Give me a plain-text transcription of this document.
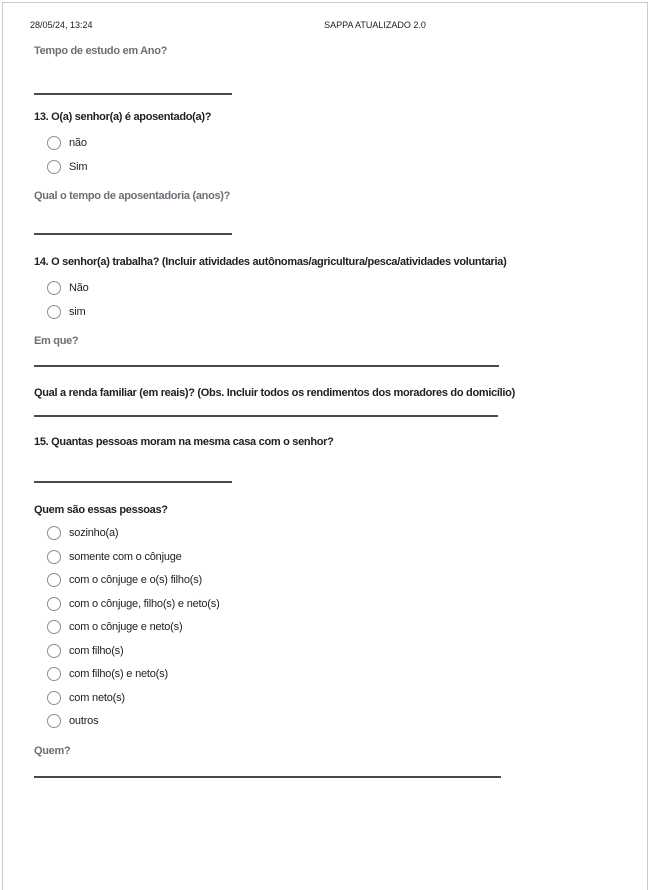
28/05/24, 13:24	SAPPA ATUALIZADO 2.0
Tempo de estudo em Ano?
13. O(a) senhor(a) é aposentado(a)?
não
Sim
Qual o tempo de aposentadoria (anos)?
14. O senhor(a) trabalha? (Incluir atividades autônomas/agricultura/pesca/atividades voluntaria)
Não
sim
Em que?
Qual a renda familiar (em reais)? (Obs. Incluir todos os rendimentos dos moradores do domicílio)
15. Quantas pessoas moram na mesma casa com o senhor?
Quem são essas pessoas?
sozinho(a)
somente com o cônjuge
com o cônjuge e o(s) filho(s)
com o cônjuge, filho(s) e neto(s)
com o cônjuge e neto(s)
com filho(s)
com filho(s) e neto(s)
com neto(s)
outros
Quem?
